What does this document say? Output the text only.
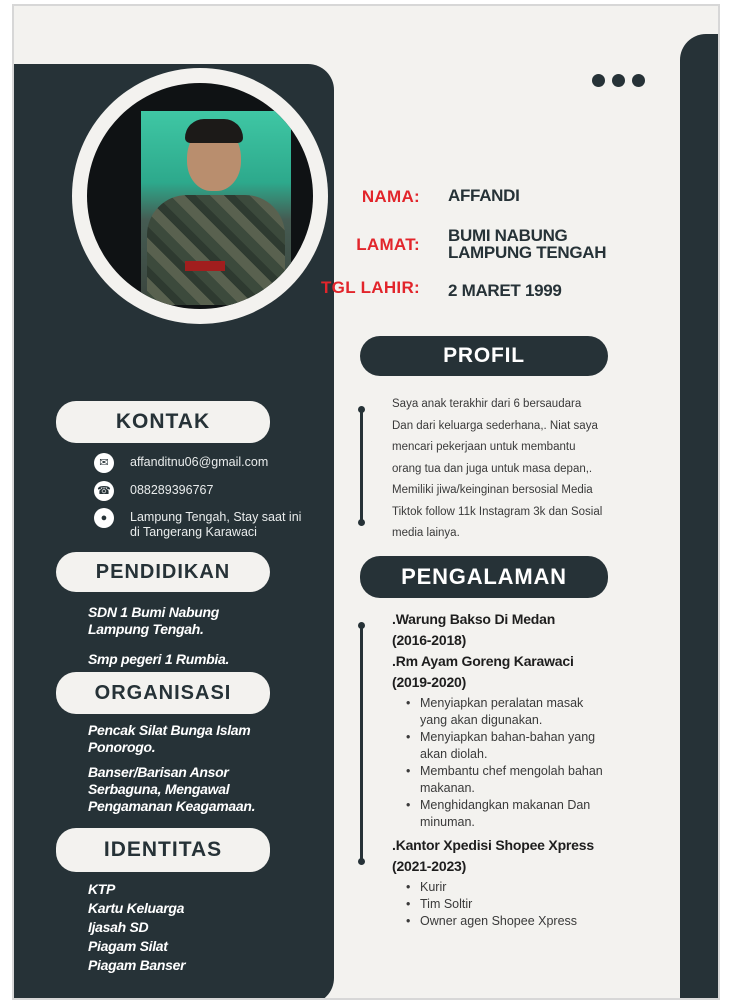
NAMA: AFFANDI
LAMAT: BUMI NABUNG
LAMPUNG TENGAH
TGL LAHIR: 2 MARET 1999
PROFIL
Saya anak terakhir dari 6 bersaudara
Dan dari keluarga sederhana,. Niat saya
mencari pekerjaan untuk membantu
orang tua dan juga untuk masa depan,.
Memiliki jiwa/keinginan bersosial Media
Tiktok follow 11k Instagram 3k dan Sosial
media lainya.
PENGALAMAN
.Warung Bakso Di Medan
(2016-2018)
.Rm Ayam Goreng Karawaci
(2019-2020)
• Menyiapkan peralatan masak
yang akan digunakan.
• Menyiapkan bahan-bahan yang
akan diolah.
• Membantu chef mengolah bahan
makanan.
• Menghidangkan makanan Dan
minuman.
.Kantor Xpedisi Shopee Xpress
(2021-2023)
• Kurir
• Tim Soltir
• Owner agen Shopee Xpress
KONTAK
✉	affanditnu06@gmail.com
☎ 088289396767
●	Lampung Tengah, Stay saat ini
di Tangerang Karawaci
PENDIDIKAN
SDN 1 Bumi Nabung
Lampung Tengah.
Smp pegeri 1 Rumbia.
ORGANISASI
Pencak Silat Bunga Islam
Ponorogo.
Banser/Barisan Ansor
Serbaguna, Mengawal
Pengamanan Keagamaan.
IDENTITAS
KTP
Kartu Keluarga
Ijasah SD
Piagam Silat
Piagam Banser
